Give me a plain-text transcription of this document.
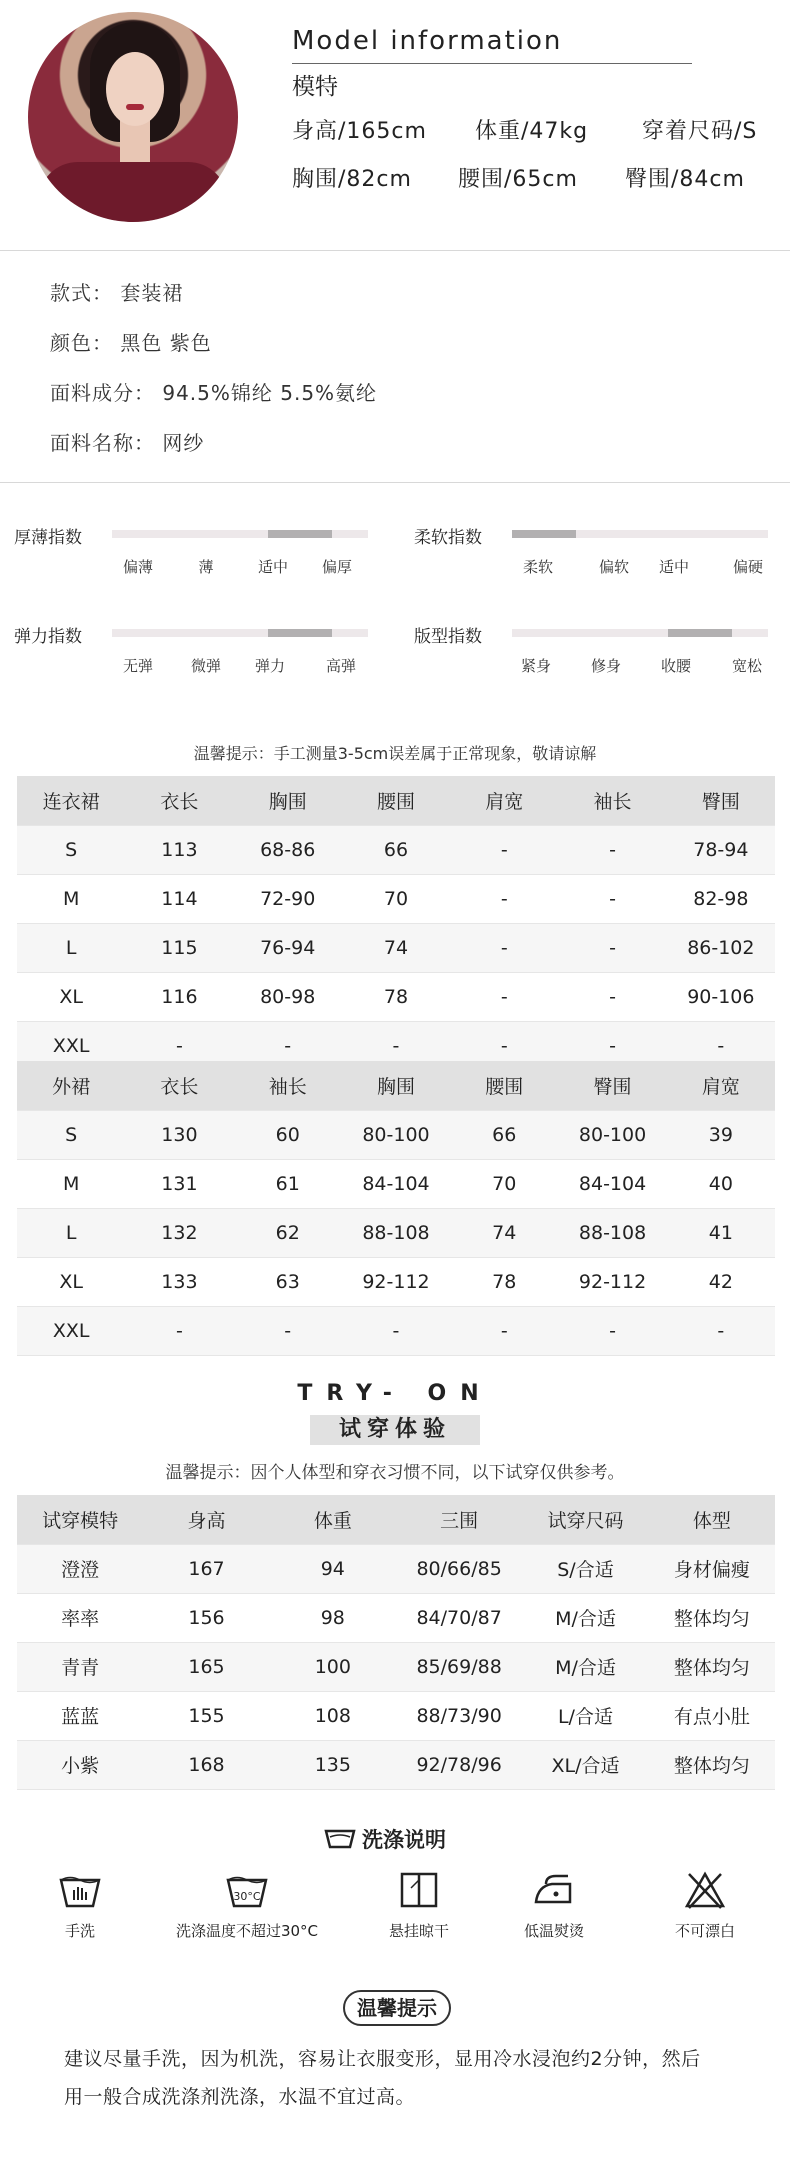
Model information
模特
身高/165cm 体重/47kg 穿着尺码/S
胸围/82cm 腰围/65cm 臀围/84cm
款式： 套装裙
颜色： 黑色 紫色
面料成分： 94.5%锦纶 5.5%氨纶
面料名称： 网纱
厚薄指数
偏薄	薄	适中 偏厚
柔软指数
柔软	偏软 适中	偏硬
弹力指数
无弹	微弹 弹力	高弹
版型指数
紧身	修身	收腰	宽松
温馨提示：手工测量3-5cm误差属于正常现象，敬请谅解
连衣裙	衣长	胸围	腰围	肩宽	袖长	臀围
S	113	68-86	66	-	-	78-94
M	114	72-90	70	-	-	82-98
L	115	76-94	74	-	-	86-102
XL	116	80-98	78	-	-	90-106
XXL	-	-	-	-	-	-
外裙	衣长	袖长	胸围	腰围	臀围	肩宽
S	130	60	80-100	66	80-100	39
M	131	61	84-104	70	84-104	40
L	132	62	88-108	74	88-108	41
XL	133	63	92-112	78	92-112	42
XXL	-	-	-	-	-	-
TRY- ON
试穿体验
温馨提示：因个人体型和穿衣习惯不同，以下试穿仅供参考。
试穿模特	身高	体重	三围	试穿尺码	体型
澄澄	167	94	80/66/85	S/合适	身材偏瘦
率率	156	98	84/70/87	M/合适	整体均匀
青青	165	100	85/69/88	M/合适	整体均匀
蓝蓝	155	108	88/73/90	L/合适	有点小肚
小紫	168	135	92/78/96	XL/合适	整体均匀
洗涤说明
手洗
30°C
洗涤温度不超过30°C	悬挂晾干	低温熨烫	不可漂白
温馨提示
建议尽量手洗，因为机洗，容易让衣服变形，显用冷水浸泡约2分钟，然后
用一般合成洗涤剂洗涤，水温不宜过高。
